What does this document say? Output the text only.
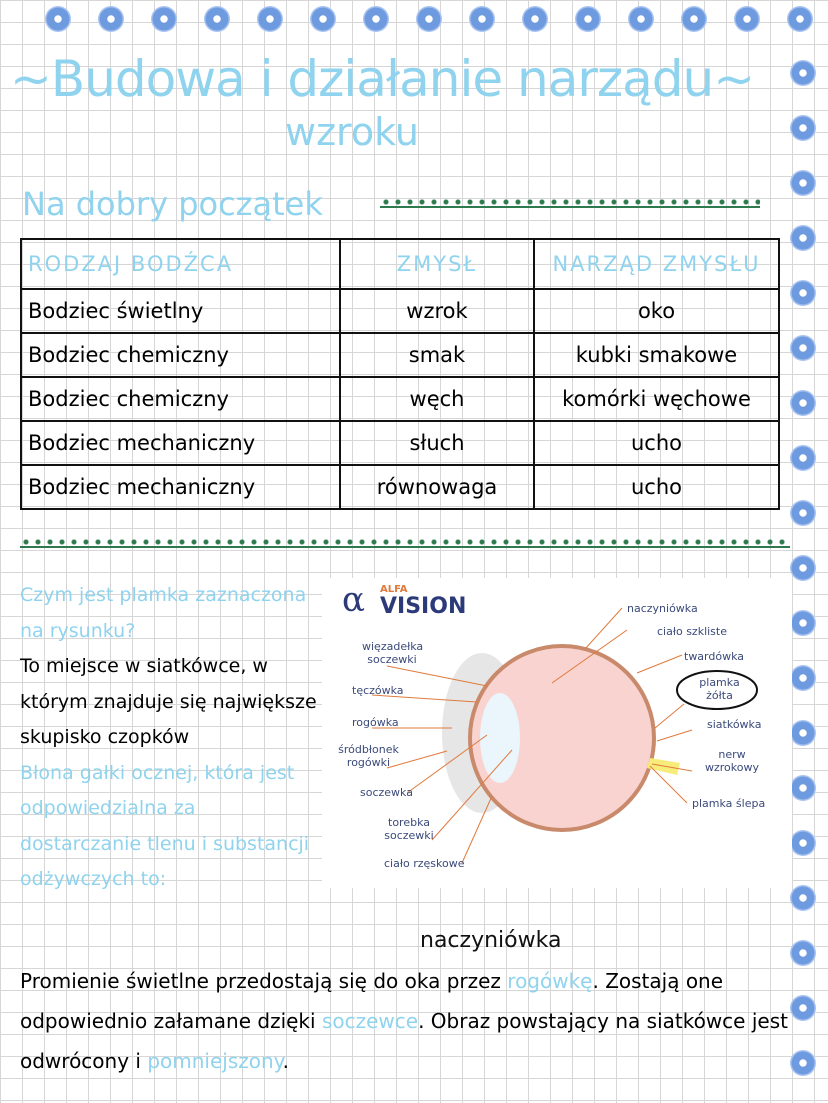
~Budowa i działanie narządu~
wzroku
Na dobry początek
RODZAJ BODŹCA	ZMYSŁ	NARZĄD ZMYSŁU
Bodziec świetlny	wzrok	oko
Bodziec chemiczny	smak	kubki smakowe
Bodziec chemiczny	węch	komórki węchowe
Bodziec mechaniczny	słuch	ucho
Bodziec mechaniczny	równowaga	ucho
Czym jest plamka zaznaczona na rysunku?
To miejsce w siatkówce, w którym znajduje się największe skupisko czopków
Błona gałki ocznej, która jest odpowiedzialna za dostarczanie tlenu i substancji odżywczych to:
α ALFA
VISION	naczyniówka
ciało szkliste
twardówka
plamka żółta
siatkówka
nerw wzrokowy
plamka ślepa
więzadełka soczewki
tęczówka
rogówka
śródbłonek rogówki
soczewka
torebka soczewki
ciało rzęskowe
naczyniówka
Promienie świetlne przedostają się do oka przez rogówkę. Zostają one odpowiednio załamane dzięki soczewce. Obraz powstający na siatkówce jest odwrócony i pomniejszony.
